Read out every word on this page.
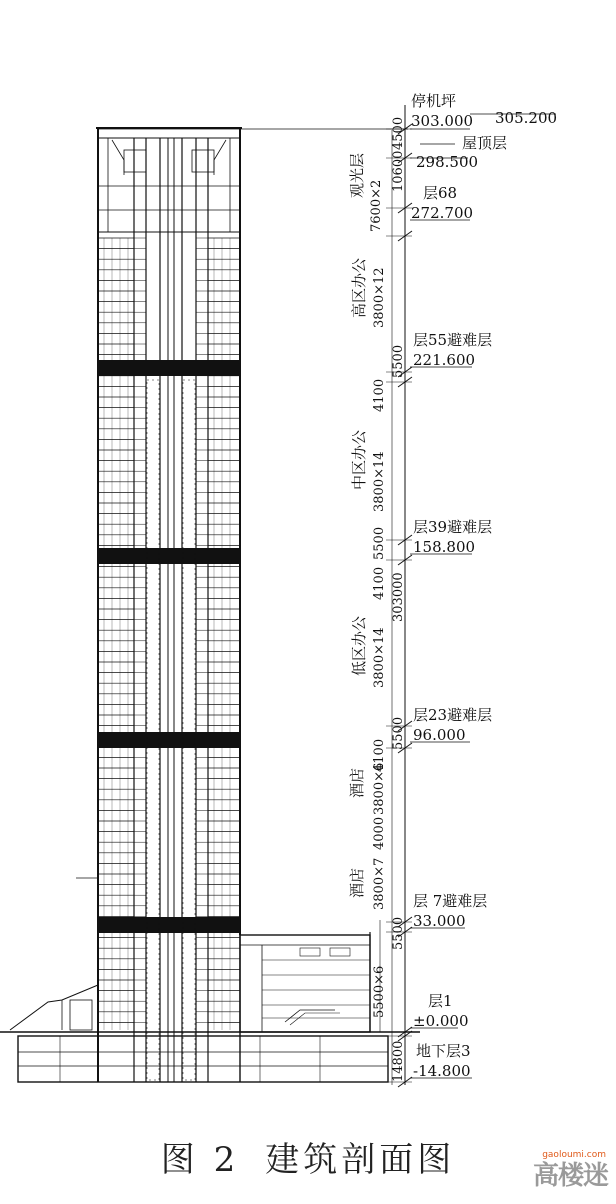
停机坪
303.000 305.200
屋顶层
298.500
层68
272.700
层55避难层
221.600
层39避难层
158.800
层23避难层
96.000
层 7避难层
33.000
层1
±0.000
地下层3
-14.800
观光层
7600×2
高区办公 3800×12
中区办公 3800×14
低区办公 3800×14
酒店 3800×6
酒店 3800×7
4500
10600
4100
5500
5500
4100
5500
4100
4000
5500
5500×6
14800
303000
图 2 建筑剖面图	gaoloumi.com
高楼迷
